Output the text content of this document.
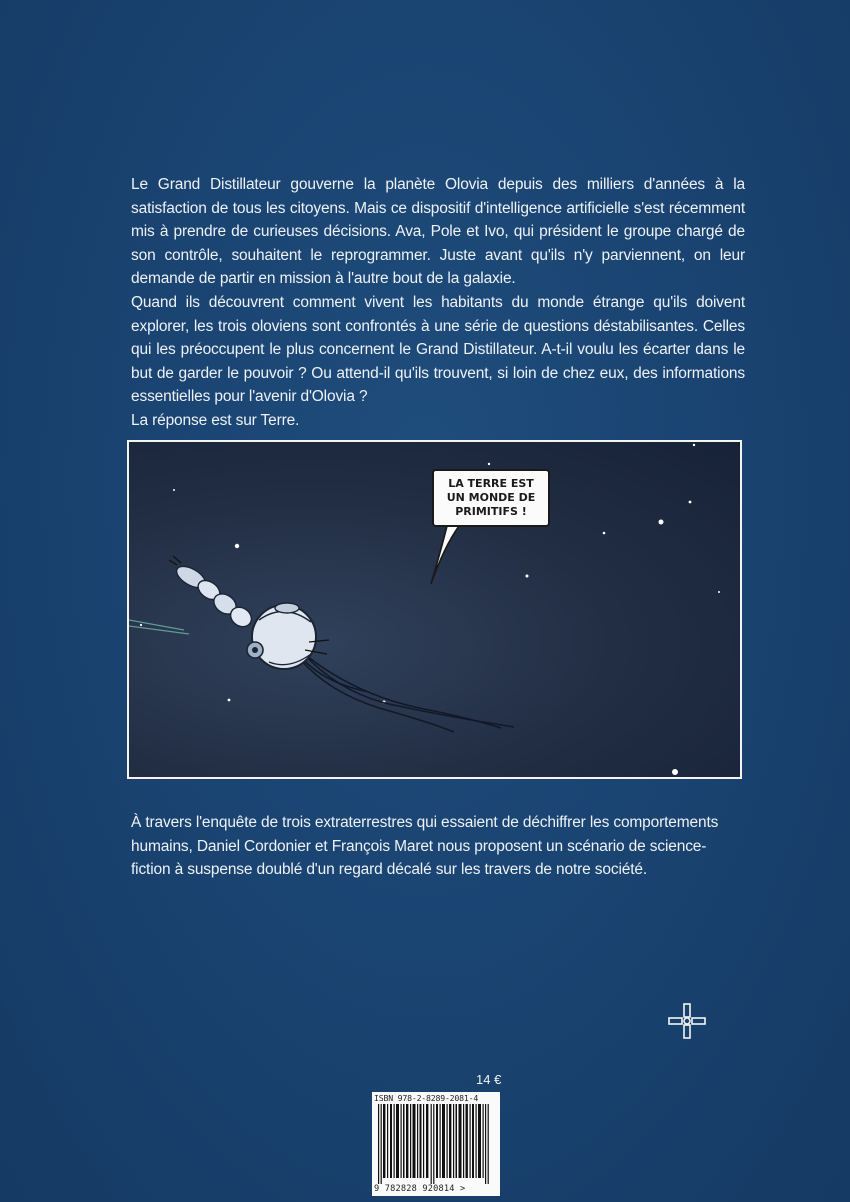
Le Grand Distillateur gouverne la planète Olovia depuis des milliers d'années à la satisfaction de tous les citoyens. Mais ce dispositif d'intelligence artificielle s'est récemment mis à prendre de curieuses décisions. Ava, Pole et Ivo, qui président le groupe chargé de son contrôle, souhaitent le reprogrammer. Juste avant qu'ils n'y parviennent, on leur demande de partir en mission à l'autre bout de la galaxie.

Quand ils découvrent comment vivent les habitants du monde étrange qu'ils doivent explorer, les trois oloviens sont confrontés à une série de questions déstabilisantes. Celles qui les préoccupent le plus concernent le Grand Distillateur. A-t-il voulu les écarter dans le but de garder le pouvoir ? Ou attend-il qu'ils trouvent, si loin de chez eux, des informations essentielles pour l'avenir d'Olovia ?

La réponse est sur Terre.

LA TERRE EST
UN MONDE DE
PRIMITIFS !

À travers l'enquête de trois extraterrestres qui essaient de déchiffrer les comportements humains, Daniel Cordonier et François Maret nous proposent un scénario de science-fiction à suspense doublé d'un regard décalé sur les travers de notre société.

14 €
ISBN 978-2-8289-2081-4
9 782828 920814 >
